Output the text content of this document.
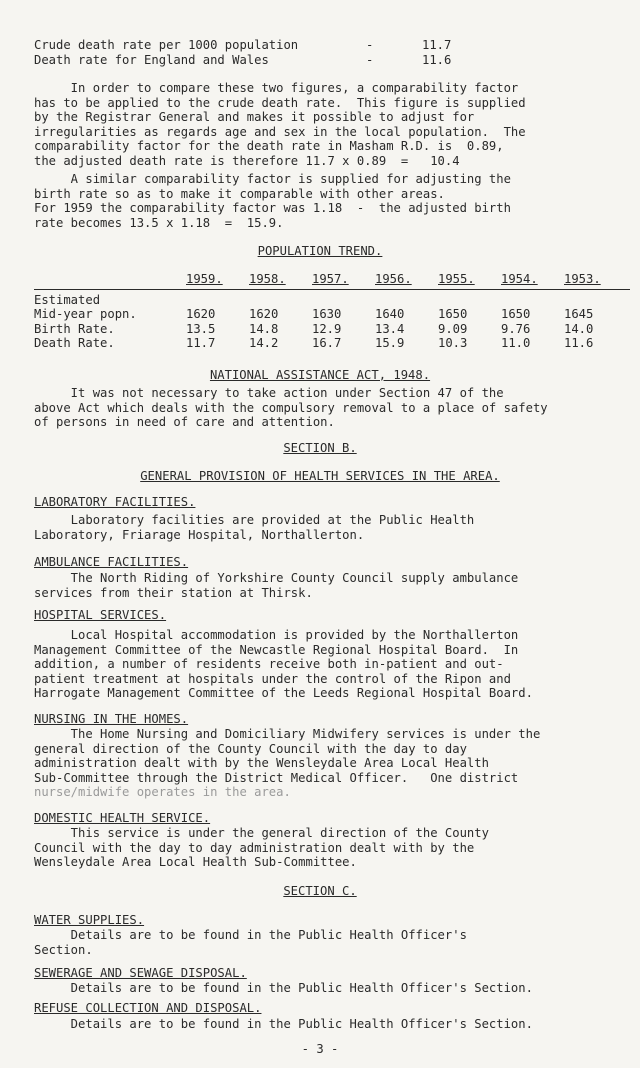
Crude death rate per 1000 population	-	11.7
Death rate for England and Wales	-	11.6

In order to compare these two figures, a comparability factor
has to be applied to the crude death rate.  This figure is supplied
by the Registrar General and makes it possible to adjust for
irregularities as regards age and sex in the local population.  The
comparability factor for the death rate in Masham R.D. is  0.89,
the adjusted death rate is therefore 11.7 x 0.89  =   10.4

A similar comparability factor is supplied for adjusting the
birth rate so as to make it comparable with other areas.
For 1959 the comparability factor was 1.18  -  the adjusted birth
rate becomes 13.5 x 1.18  =  15.9.

POPULATION TREND.
	1959.	1958.	1957.	1956.	1955.	1954.	1953.
Estimated							
Mid-year popn.	1620	1620	1630	1640	1650	1650	1645
Birth Rate.	13.5	14.8	12.9	13.4	9.09	9.76	14.0
Death Rate.	11.7	14.2	16.7	15.9	10.3	11.0	11.6
NATIONAL ASSISTANCE ACT, 1948.

It was not necessary to take action under Section 47 of the
above Act which deals with the compulsory removal to a place of safety
of persons in need of care and attention.

SECTION B.
GENERAL PROVISION OF HEALTH SERVICES IN THE AREA.
LABORATORY FACILITIES.

Laboratory facilities are provided at the Public Health
Laboratory, Friarage Hospital, Northallerton.

AMBULANCE FACILITIES.

The North Riding of Yorkshire County Council supply ambulance
services from their station at Thirsk.

HOSPITAL SERVICES.

Local Hospital accommodation is provided by the Northallerton
Management Committee of the Newcastle Regional Hospital Board.  In
addition, a number of residents receive both in-patient and out-
patient treatment at hospitals under the control of the Ripon and
Harrogate Management Committee of the Leeds Regional Hospital Board.

NURSING IN THE HOMES.

The Home Nursing and Domiciliary Midwifery services is under the
general direction of the County Council with the day to day
administration dealt with by the Wensleydale Area Local Health
Sub-Committee through the District Medical Officer.   One district

nurse/midwife operates in the area.

DOMESTIC HEALTH SERVICE.

This service is under the general direction of the County
Council with the day to day administration dealt with by the
Wensleydale Area Local Health Sub-Committee.

SECTION C.
WATER SUPPLIES.

Details are to be found in the Public Health Officer's
Section.

SEWERAGE AND SEWAGE DISPOSAL.

Details are to be found in the Public Health Officer's Section.

REFUSE COLLECTION AND DISPOSAL.

Details are to be found in the Public Health Officer's Section.

- 3 -
